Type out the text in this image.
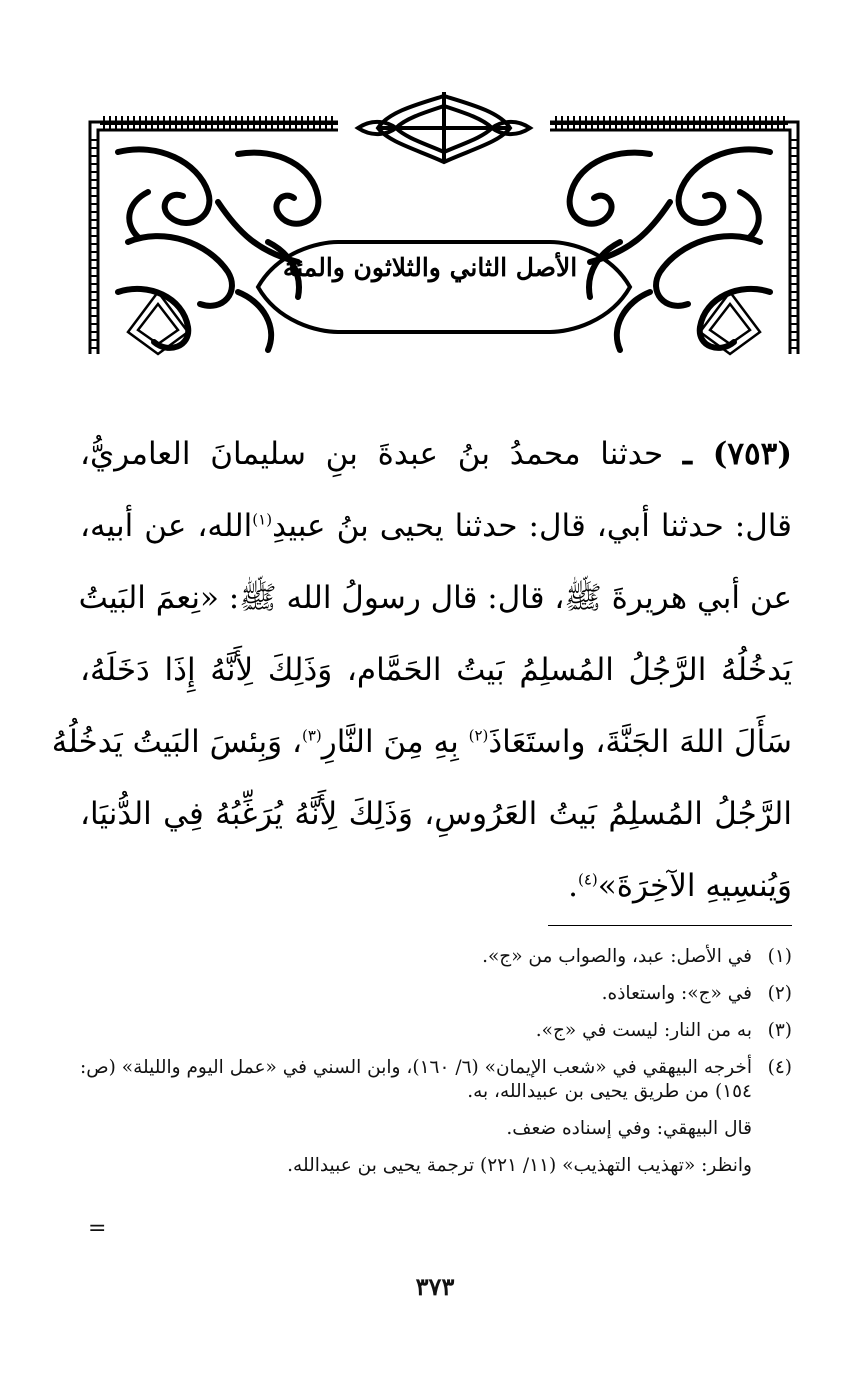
الأصل الثاني والثلاثون والمئة
(٧٥٣) ـ حدثنا محمدُ بنُ عبدةَ بنِ سليمانَ العامريُّ،
قال: حدثنا أبي، قال: حدثنا يحيى بنُ عبيدِ$^{(١)}$الله، عن أبيه،
عن أبي هريرةَ ﷺ، قال: قال رسولُ الله ﷺ: «نِعمَ البَيتُ
يَدخُلُهُ الرَّجُلُ المُسلِمُ بَيتُ الحَمَّام، وَذَلِكَ لِأَنَّهُ إِذَا دَخَلَهُ،
سَأَلَ اللهَ الجَنَّةَ، واستَعَاذَ$^{(٢)}$ بِهِ مِنَ النَّارِ$^{(٣)}$، وَبِئسَ البَيتُ يَدخُلُهُ
الرَّجُلُ المُسلِمُ بَيتُ العَرُوسِ، وَذَلِكَ لِأَنَّهُ يُرَغِّبُهُ فِي الدُّنيَا،
وَيُنسِيهِ الآخِرَةَ»$^{(٤)}$.
(١)
في الأصل: عبد، والصواب من «ج».
(٢)
في «ج»: واستعاذه.
(٣)
به من النار: ليست في «ج».
(٤)
أخرجه البيهقي في «شعب الإيمان» (٦/ ١٦٠)، وابن السني في «عمل اليوم والليلة» (ص: ١٥٤) من طريق يحيى بن عبيدالله، به.
قال البيهقي: وفي إسناده ضعف.
وانظر: «تهذيب التهذيب» (١١/ ٢٢١) ترجمة يحيى بن عبيدالله.
=
٣٧٣
